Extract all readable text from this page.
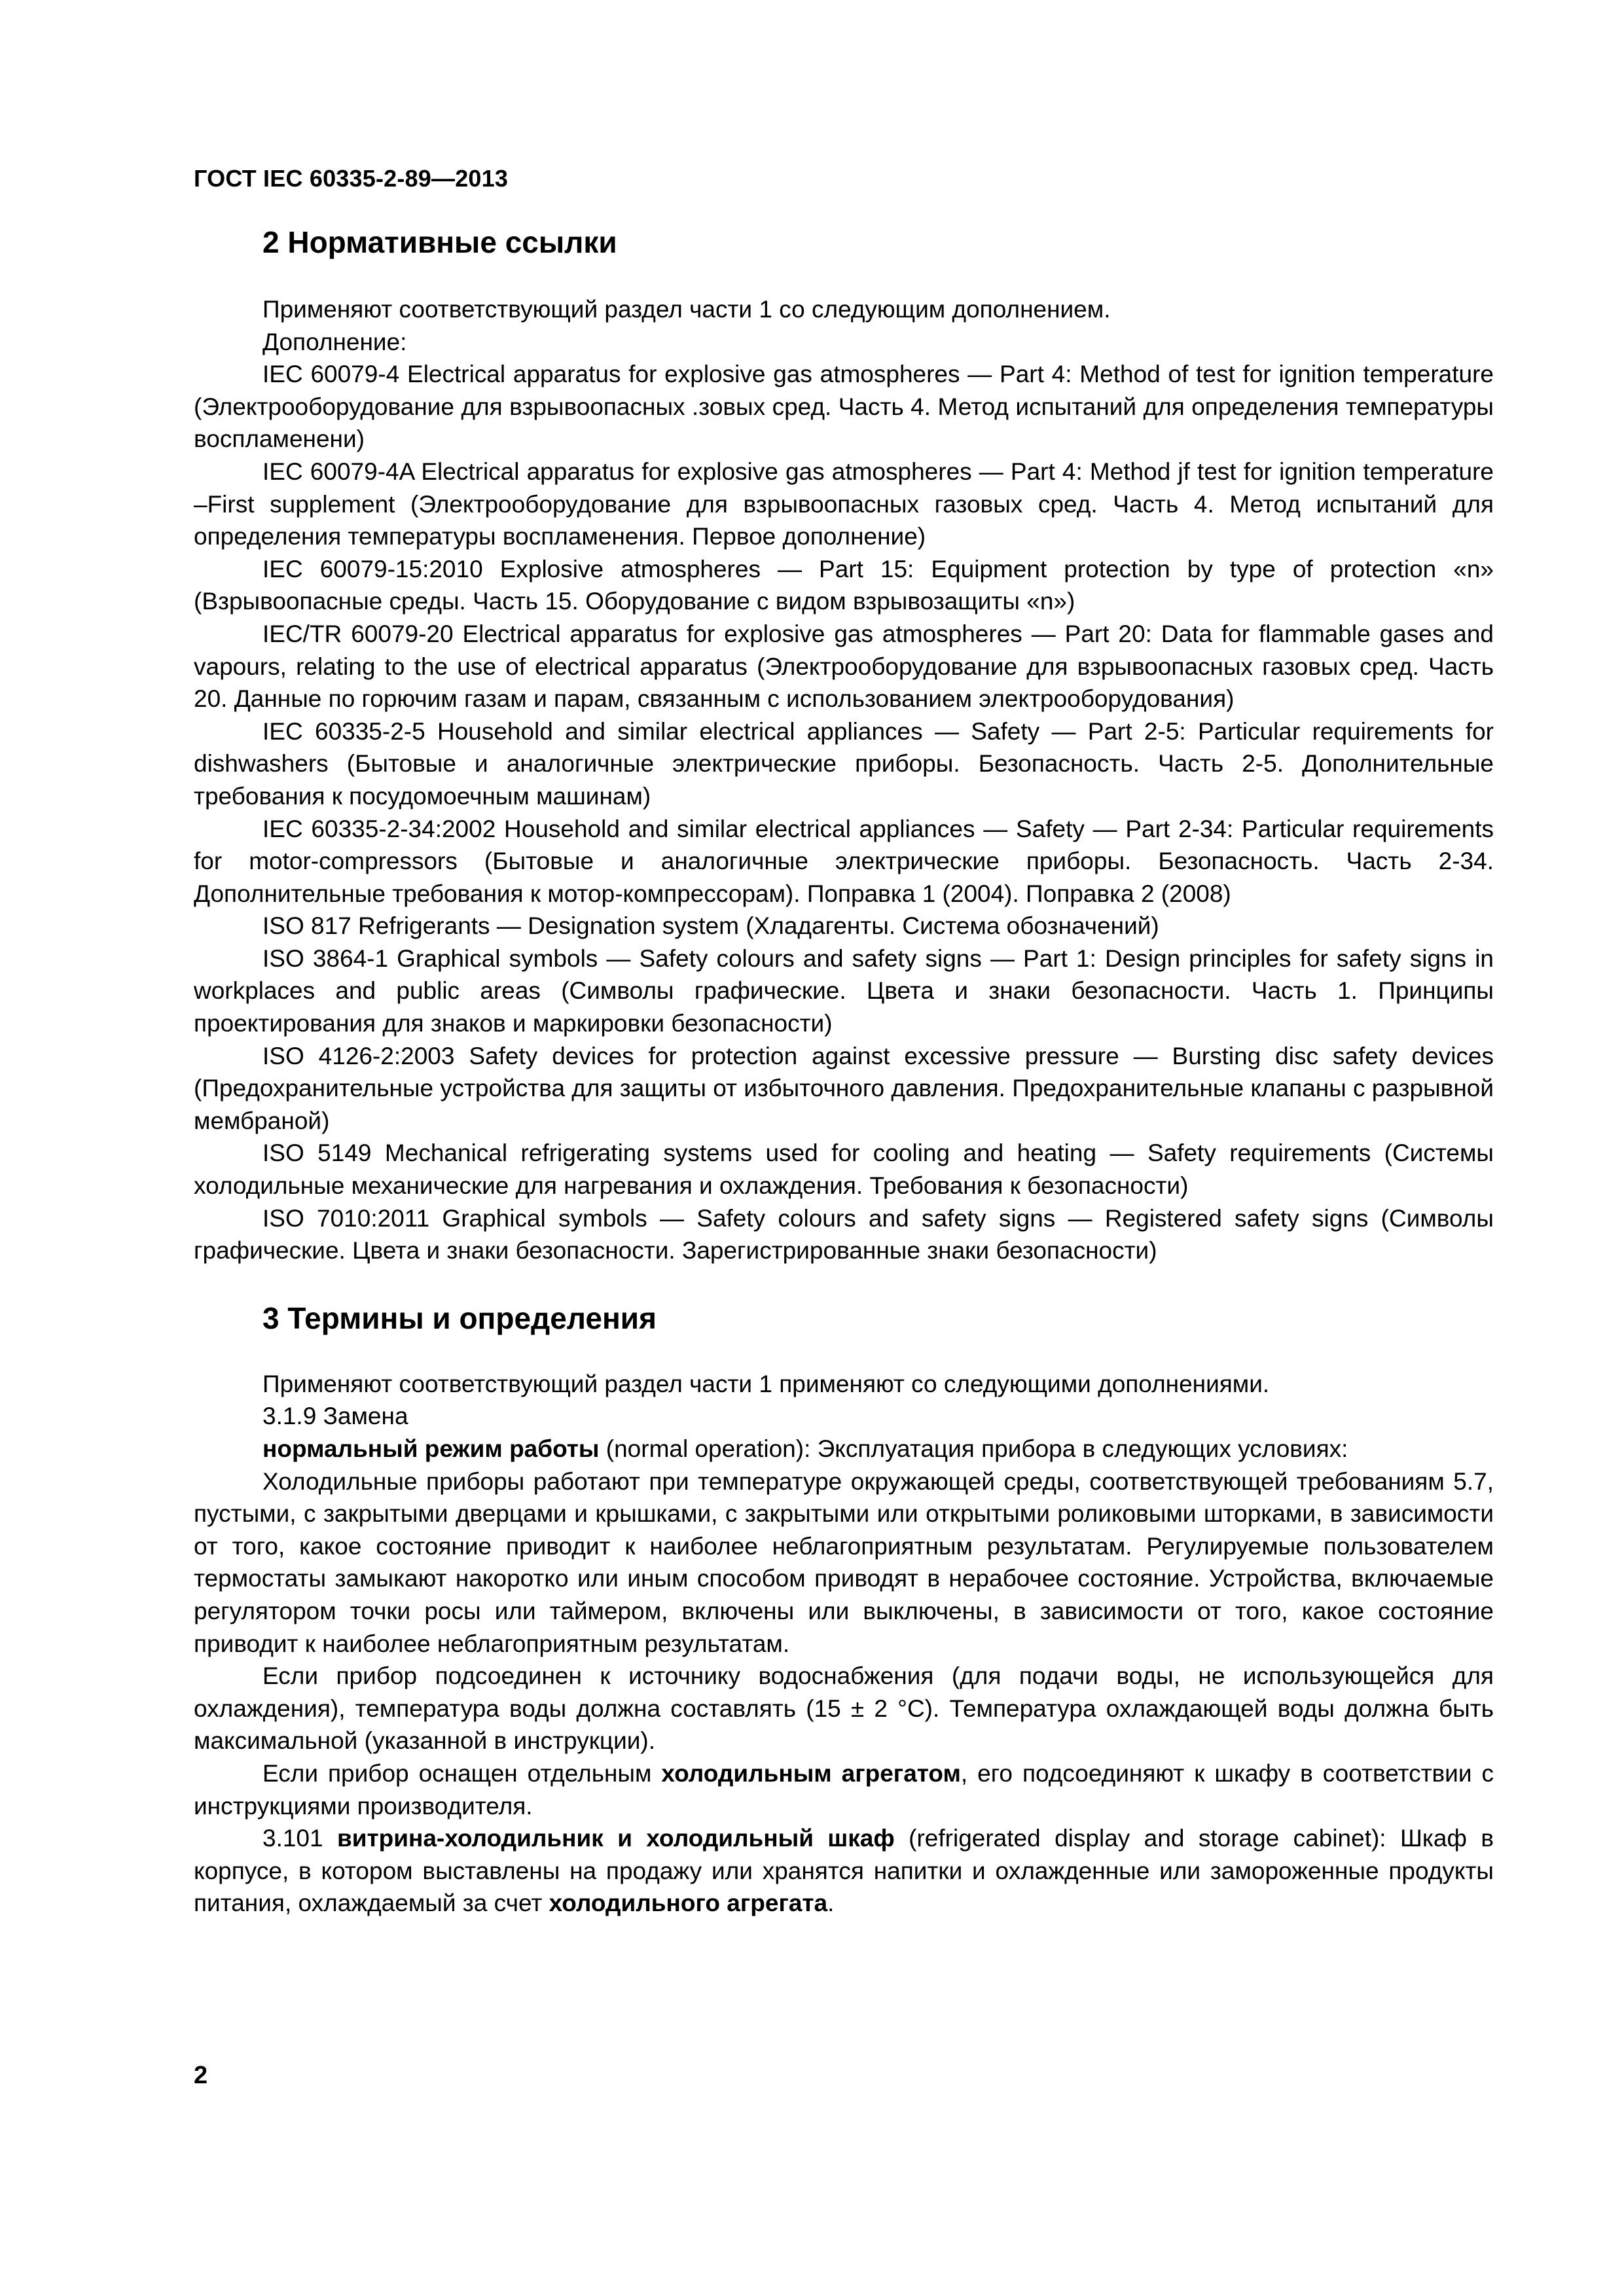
ГОСТ IEC 60335-2-89—2013
2 Нормативные ссылки

Применяют соответствующий раздел части 1 со следующим дополнением.

Дополнение:

IEC 60079-4 Electrical apparatus for explosive gas atmospheres — Part 4: Method of test for ignition temperature (Электрооборудование для взрывоопасных .зовых сред. Часть 4. Метод испытаний для определения температуры воспламенени)

IEC 60079-4A Electrical apparatus for explosive gas atmospheres — Part 4: Method jf test for ignition temperature –First supplement (Электрооборудование для взрывоопасных газовых сред. Часть 4. Метод испытаний для определения температуры воспламенения. Первое дополнение)

IEC 60079-15:2010 Explosive atmospheres — Part 15: Equipment protection by type of protection «n» (Взрывоопасные среды. Часть 15. Оборудование с видом взрывозащиты «n»)

IEC/TR 60079-20 Electrical apparatus for explosive gas atmospheres — Part 20: Data for flammable gases and vapours, relating to the use of electrical apparatus (Электрооборудование для взрывоопасных газовых сред. Часть 20. Данные по горючим газам и парам, связанным с использованием электрооборудования)

IEC 60335-2-5 Household and similar electrical appliances — Safety — Part 2-5: Particular requirements for dishwashers (Бытовые и аналогичные электрические приборы. Безопасность. Часть 2-5. Дополнительные требования к посудомоечным машинам)

IEC 60335-2-34:2002 Household and similar electrical appliances — Safety — Part 2-34: Particular requirements for motor-compressors (Бытовые и аналогичные электрические приборы. Безопасность. Часть 2-34. Дополнительные требования к мотор-компрессорам). Поправка 1 (2004). Поправка 2 (2008)

ISO 817 Refrigerants — Designation system (Хладагенты. Система обозначений)

ISO 3864-1 Graphical symbols — Safety colours and safety signs — Part 1: Design principles for safety signs in workplaces and public areas (Символы графические. Цвета и знаки безопасности. Часть 1. Принципы проектирования для знаков и маркировки безопасности)

ISO 4126-2:2003 Safety devices for protection against excessive pressure — Bursting disc safety devices (Предохранительные устройства для защиты от избыточного давления. Предохранительные клапаны с разрывной мембраной)

ISO 5149 Mechanical refrigerating systems used for cooling and heating — Safety requirements (Системы холодильные механические для нагревания и охлаждения. Требования к безопасности)

ISO 7010:2011 Graphical symbols — Safety colours and safety signs — Registered safety signs (Символы графические. Цвета и знаки безопасности. Зарегистрированные знаки безопасности)

3 Термины и определения

Применяют соответствующий раздел части 1 применяют со следующими дополнениями.

3.1.9 Замена

нормальный режим работы (normal operation): Эксплуатация прибора в следующих условиях:

Холодильные приборы работают при температуре окружающей среды, соответствующей требованиям 5.7, пустыми, с закрытыми дверцами и крышками, с закрытыми или открытыми роликовыми шторками, в зависимости от того, какое состояние приводит к наиболее неблагоприятным результатам. Регулируемые пользователем термостаты замыкают накоротко или иным способом приводят в нерабочее состояние. Устройства, включаемые регулятором точки росы или таймером, включены или выключены, в зависимости от того, какое состояние приводит к наиболее неблагоприятным результатам.

Если прибор подсоединен к источнику водоснабжения (для подачи воды, не использующейся для охлаждения), температура воды должна составлять (15 ± 2 °С). Температура охлаждающей воды должна быть максимальной (указанной в инструкции).

Если прибор оснащен отдельным холодильным агрегатом, его подсоединяют к шкафу в соответствии с инструкциями производителя.

3.101 витрина-холодильник и холодильный шкаф (refrigerated display and storage cabinet): Шкаф в корпусе, в котором выставлены на продажу или хранятся напитки и охлажденные или замороженные продукты питания, охлаждаемый за счет холодильного агрегата.

2
